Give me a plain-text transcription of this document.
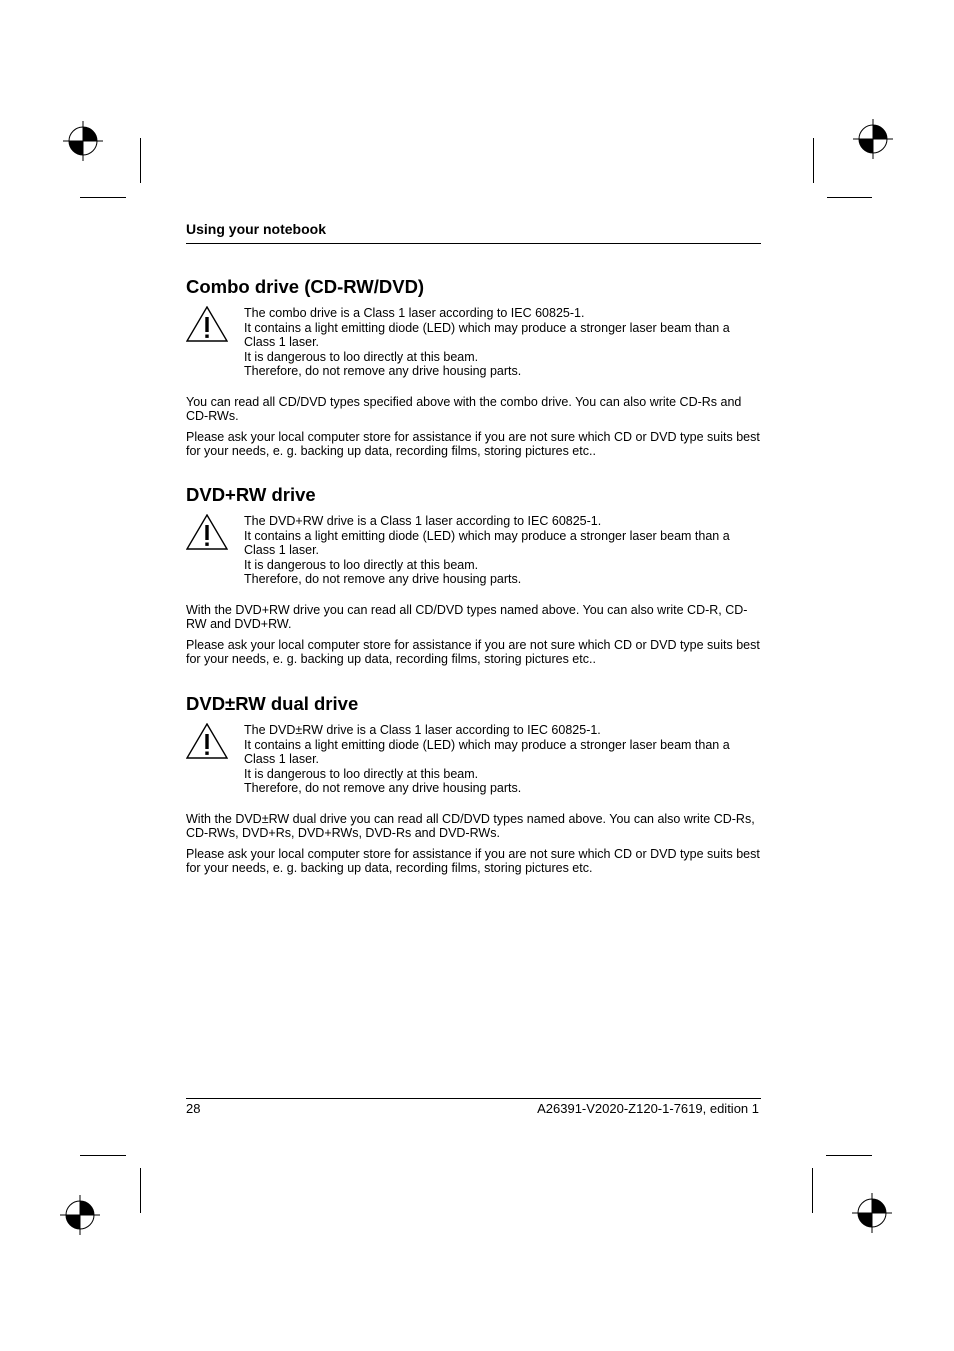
Using your notebook
Combo drive (CD-RW/DVD)

The combo drive is a Class 1 laser according to IEC 60825-1.

It contains a light emitting diode (LED) which may produce a stronger laser beam than a Class 1 laser.

It is dangerous to loo directly at this beam.

Therefore, do not remove any drive housing parts.

You can read all CD/DVD types specified above with the combo drive. You can also write CD-Rs and CD-RWs.

Please ask your local computer store for assistance if you are not sure which CD or DVD type suits best for your needs, e. g. backing up data, recording films, storing pictures etc..

DVD+RW drive

The DVD+RW drive is a Class 1 laser according to IEC 60825-1.

It contains a light emitting diode (LED) which may produce a stronger laser beam than a Class 1 laser.

It is dangerous to loo directly at this beam.

Therefore, do not remove any drive housing parts.

With the DVD+RW drive you can read all CD/DVD types named above. You can also write CD-R, CD-RW and DVD+RW.

Please ask your local computer store for assistance if you are not sure which CD or DVD type suits best for your needs, e. g. backing up data, recording films, storing pictures etc..

DVD±RW dual drive

The DVD±RW drive is a Class 1 laser according to IEC 60825-1.

It contains a light emitting diode (LED) which may produce a stronger laser beam than a Class 1 laser.

It is dangerous to loo directly at this beam.

Therefore, do not remove any drive housing parts.

With the DVD±RW dual drive you can read all CD/DVD types named above. You can also write CD-Rs, CD-RWs, DVD+Rs, DVD+RWs, DVD-Rs and DVD-RWs.

Please ask your local computer store for assistance if you are not sure which CD or DVD type suits best for your needs, e. g. backing up data, recording films, storing pictures etc.

28	A26391-V2020-Z120-1-7619, edition 1
